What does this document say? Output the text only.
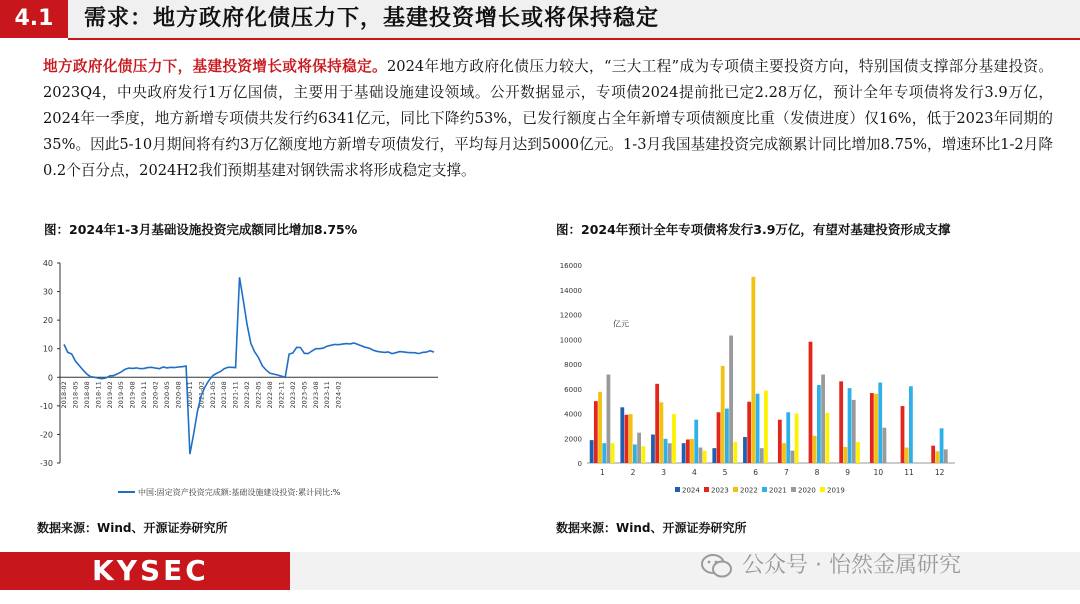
4.1	需求：地方政府化债压力下，基建投资增长或将保持稳定
地方政府化债压力下，基建投资增长或将保持稳定。2024年地方政府化债压力较大，“三大工程”成为专项债主要投资方向，特别国债支撑部分基建投资。2023Q4，中央政府发行1万亿国债，主要用于基础设施建设领域。公开数据显示，专项债2024提前批已定2.28万亿，预计全年专项债将发行3.9万亿，2024年一季度，地方新增专项债共发行约6341亿元，同比下降约53%，已发行额度占全年新增专项债额度比重（发债进度）仅16%，低于2023年同期的35%。因此5-10月期间将有约3万亿额度地方新增专项债发行，平均每月达到5000亿元。1-3月我国基建投资完成额累计同比增加8.75%，增速环比1-2月降0.2个百分点，2024H2我们预期基建对钢铁需求将形成稳定支撑。
图：2024年1-3月基础设施投资完成额同比增加8.75%	图：2024年预计全年专项债将发行3.9万亿，有望对基建投资形成支撑
-30
-20
-10
0
10
20
30
40
2018-02 2018-05 2018-08 2018-11 2019-02 2019-05 2019-08 2019-11 2020-02 2020-05 2020-08 2020-11 2021-02 2021-05 2021-08 2021-11 2022-02 2022-05 2022-08 2022-11 2023-02 2023-05 2023-08 2023-11 2024-02
中国:固定资产投资完成额:基础设施建设投资:累计同比:%
0
2000
4000
6000
8000
10000
12000
14000
16000
亿元
1	2	3	4	5	6	7	8	9	10	11	12
2024 2023 2022 2021 2020 2019
数据来源：Wind、开源证券研究所	数据来源：Wind、开源证券研究所
KYSEC	公众号 · 怡然金属研究
